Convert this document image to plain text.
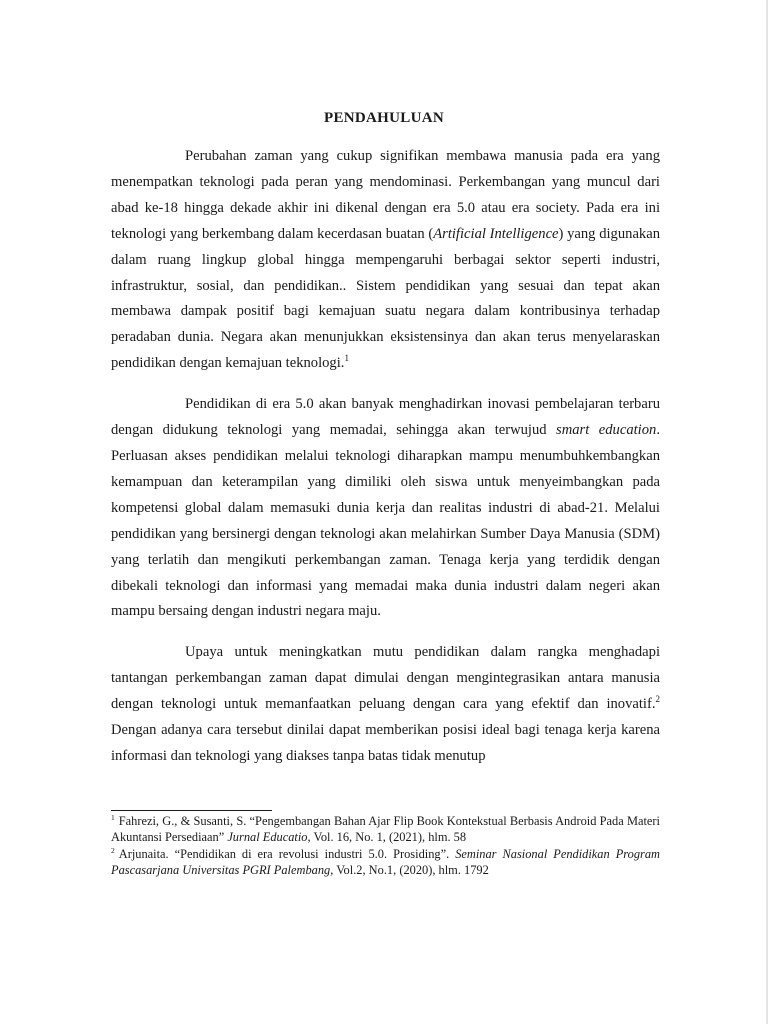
PENDAHULUAN

Perubahan zaman yang cukup signifikan membawa manusia pada era yang menempatkan teknologi pada peran yang mendominasi. Perkembangan yang muncul dari abad ke-18 hingga dekade akhir ini dikenal dengan era 5.0 atau era society. Pada era ini teknologi yang berkembang dalam kecerdasan buatan (Artificial Intelligence) yang digunakan dalam ruang lingkup global hingga mempengaruhi berbagai sektor seperti industri, infrastruktur, sosial, dan pendidikan.. Sistem pendidikan yang sesuai dan tepat akan membawa dampak positif bagi kemajuan suatu negara dalam kontribusinya terhadap peradaban dunia. Negara akan menunjukkan eksistensinya dan akan terus menyelaraskan pendidikan dengan kemajuan teknologi.$^1$

Pendidikan di era 5.0 akan banyak menghadirkan inovasi pembelajaran terbaru dengan didukung teknologi yang memadai, sehingga akan terwujud smart education. Perluasan akses pendidikan melalui teknologi diharapkan mampu menumbuhkembangkan kemampuan dan keterampilan yang dimiliki oleh siswa untuk menyeimbangkan pada kompetensi global dalam memasuki dunia kerja dan realitas industri di abad-21. Melalui pendidikan yang bersinergi dengan teknologi akan melahirkan Sumber Daya Manusia (SDM) yang terlatih dan mengikuti perkembangan zaman. Tenaga kerja yang terdidik dengan dibekali teknologi dan informasi yang memadai maka dunia industri dalam negeri akan mampu bersaing dengan industri negara maju.

Upaya untuk meningkatkan mutu pendidikan dalam rangka menghadapi tantangan perkembangan zaman dapat dimulai dengan mengintegrasikan antara manusia dengan teknologi untuk memanfaatkan peluang dengan cara yang efektif dan inovatif.$^2$ Dengan adanya cara tersebut dinilai dapat memberikan posisi ideal bagi tenaga kerja karena informasi dan teknologi yang diakses tanpa batas tidak menutup

$^1$ Fahrezi, G., & Susanti, S. “Pengembangan Bahan Ajar Flip Book Kontekstual Berbasis Android Pada Materi Akuntansi Persediaan” Jurnal Educatio, Vol. 16, No. 1, (2021), hlm. 58
$^2$ Arjunaita. “Pendidikan di era revolusi industri 5.0. Prosiding”. Seminar Nasional Pendidikan Program Pascasarjana Universitas PGRI Palembang, Vol.2, No.1, (2020), hlm. 1792
